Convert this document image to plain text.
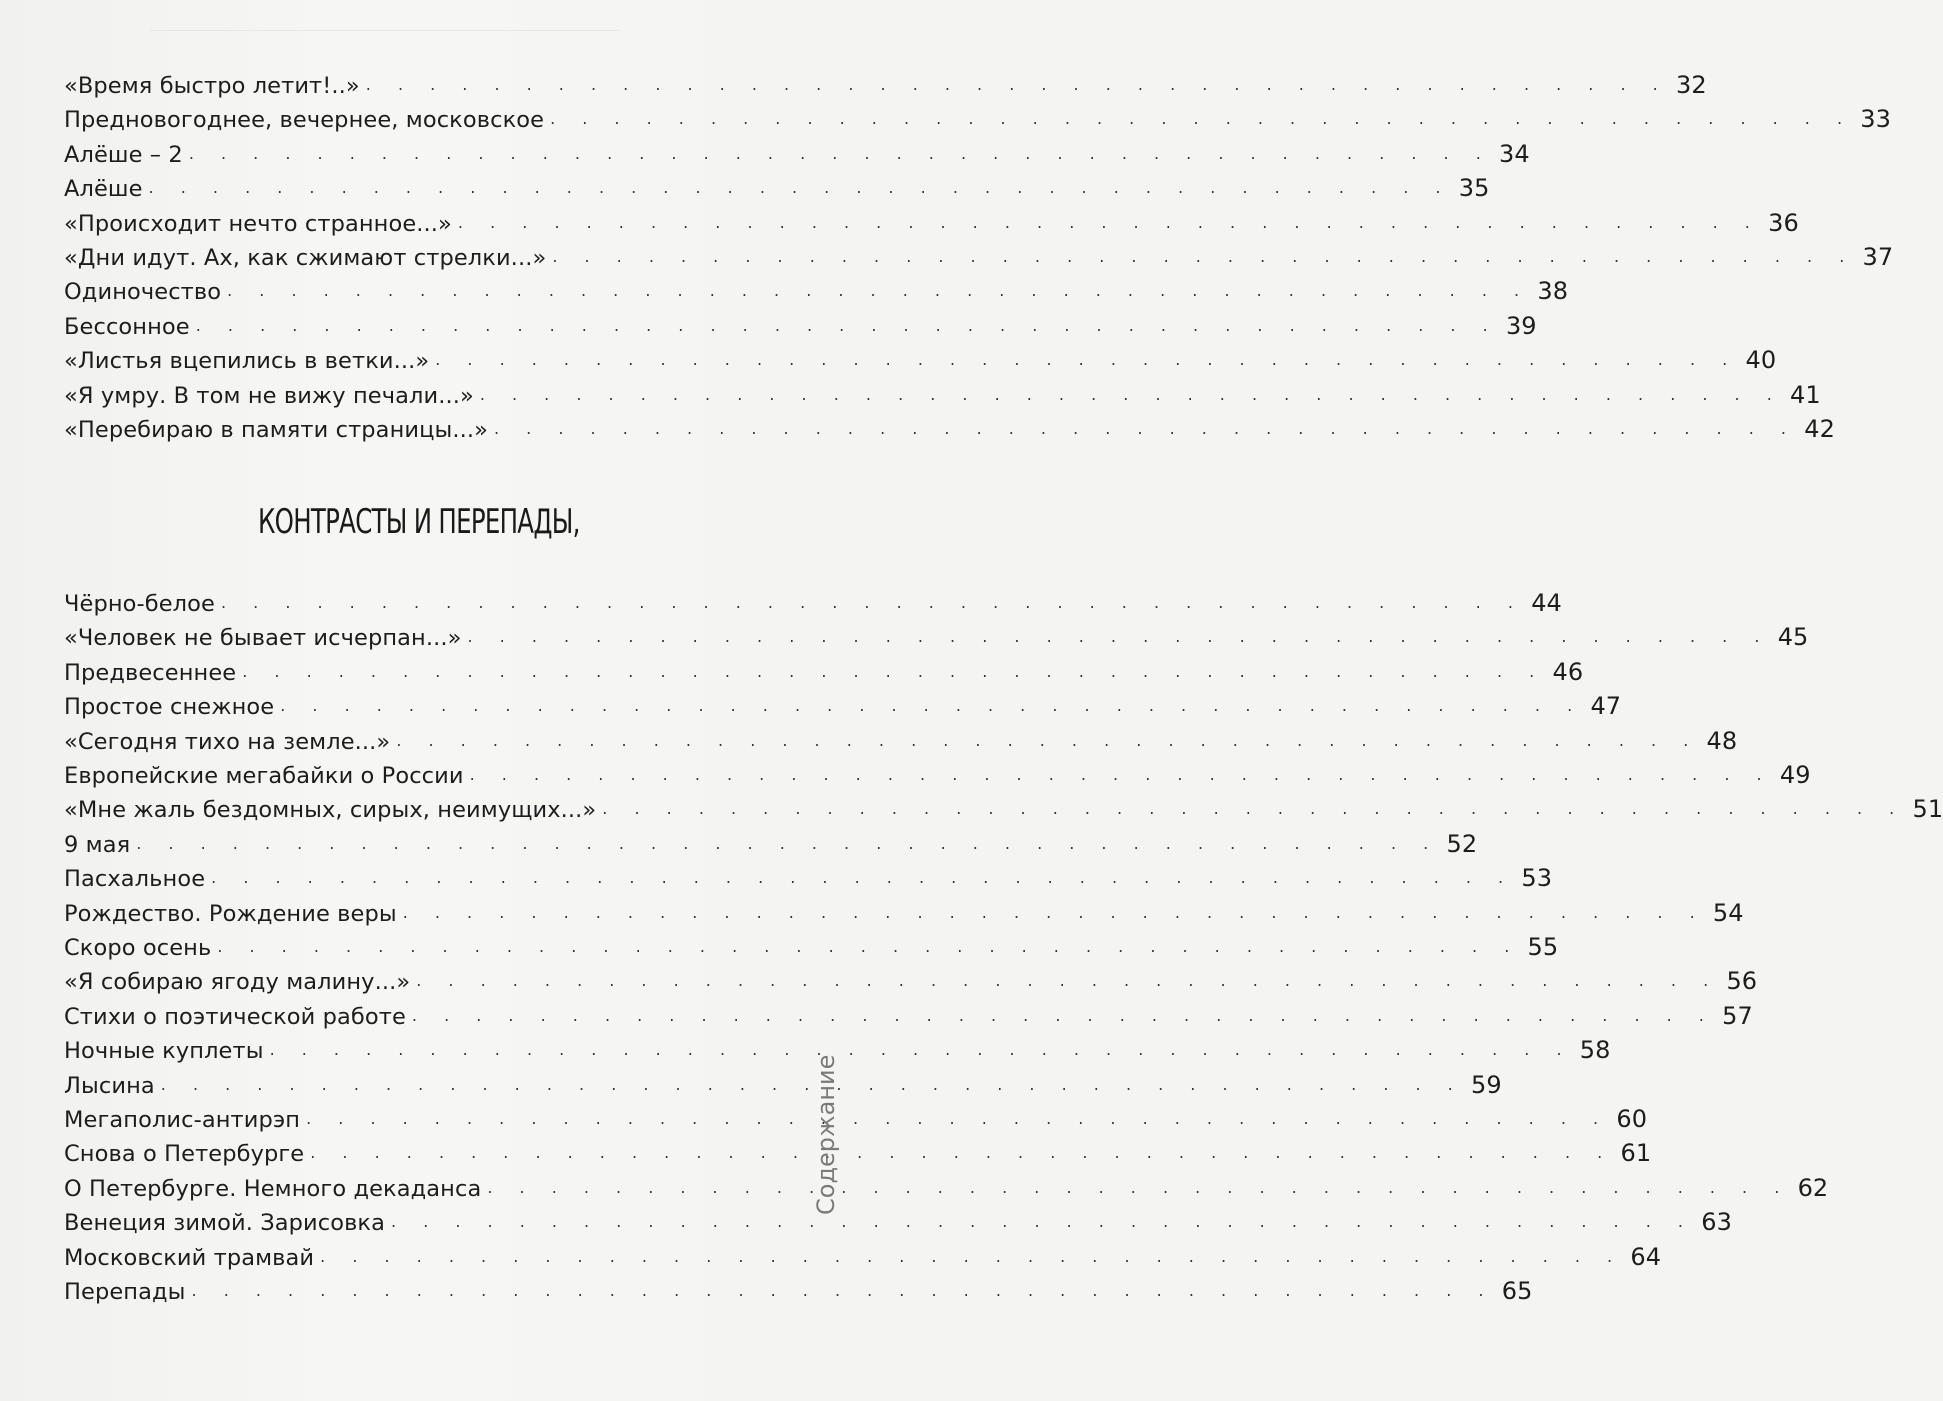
«Время быстро летит!..» . . . . . . . . . . . . . . . . . . . . . . . . . . . . . . . . . . . . . . . . . 32
Предновогоднее, вечернее, московское . . . . . . . . . . . . . . . . . . . . . . . . . . . . . . . . . . . . . . . . . 33
Алёше – 2 . . . . . . . . . . . . . . . . . . . . . . . . . . . . . . . . . . . . . . . . . 34
Алёше . . . . . . . . . . . . . . . . . . . . . . . . . . . . . . . . . . . . . . . . . 35
«Происходит нечто странное...» . . . . . . . . . . . . . . . . . . . . . . . . . . . . . . . . . . . . . . . . . 36
«Дни идут. Ах, как сжимают стрелки...» . . . . . . . . . . . . . . . . . . . . . . . . . . . . . . . . . . . . . . . . . 37
Одиночество . . . . . . . . . . . . . . . . . . . . . . . . . . . . . . . . . . . . . . . . . 38
Бессонное . . . . . . . . . . . . . . . . . . . . . . . . . . . . . . . . . . . . . . . . . 39
«Листья вцепились в ветки...» . . . . . . . . . . . . . . . . . . . . . . . . . . . . . . . . . . . . . . . . . 40
«Я умру. В том не вижу печали...» . . . . . . . . . . . . . . . . . . . . . . . . . . . . . . . . . . . . . . . . . 41
«Перебираю в памяти страницы...» . . . . . . . . . . . . . . . . . . . . . . . . . . . . . . . . . . . . . . . . . 42
КОНТРАСТЫ И ПЕРЕПАДЫ,
Чёрно-белое . . . . . . . . . . . . . . . . . . . . . . . . . . . . . . . . . . . . . . . . . 44
«Человек не бывает исчерпан...» . . . . . . . . . . . . . . . . . . . . . . . . . . . . . . . . . . . . . . . . . 45
Предвесеннее . . . . . . . . . . . . . . . . . . . . . . . . . . . . . . . . . . . . . . . . . 46
Простое снежное . . . . . . . . . . . . . . . . . . . . . . . . . . . . . . . . . . . . . . . . . 47
«Сегодня тихо на земле...» . . . . . . . . . . . . . . . . . . . . . . . . . . . . . . . . . . . . . . . . . 48
Европейские мегабайки о России . . . . . . . . . . . . . . . . . . . . . . . . . . . . . . . . . . . . . . . . . 49
«Мне жаль бездомных, сирых, неимущих...» . . . . . . . . . . . . . . . . . . . . . . . . . . . . . . . . . . . . . . . . . 51
9 мая . . . . . . . . . . . . . . . . . . . . . . . . . . . . . . . . . . . . . . . . . 52
Пасхальное . . . . . . . . . . . . . . . . . . . . . . . . . . . . . . . . . . . . . . . . . 53
Рождество. Рождение веры . . . . . . . . . . . . . . . . . . . . . . . . . . . . . . . . . . . . . . . . . 54
Скоро осень . . . . . . . . . . . . . . . . . . . . . . . . . . . . . . . . . . . . . . . . . 55
«Я собираю ягоду малину...» . . . . . . . . . . . . . . . . . . . . . . . . . . . . . . . . . . . . . . . . . 56
Стихи о поэтической работе . . . . . . . . . . . . . . . . . . . . . . . . . . . . . . . . . . . . . . . . . 57
Ночные куплеты . . . . . . . . . . . . . . . . . . . . . . . . . . . . . . . . . . . . . . . . . 58
Лысина . . . . . . . . . . . . . . . . . . . . . . . . . . . . . . . . . . . . . . . . . 59
Мегаполис-антирэп . . . . . . . . . . . . . . . . . . . . . . . . . . . . . . . . . . . . . . . . . 60
Снова о Петербурге . . . . . . . . . . . . . . . . . . . . . . . . . . . . . . . . . . . . . . . . . 61
О Петербурге. Немного декаданса . . . . . . . . . . . . . . . . . . . . . . . . . . . . . . . . . . . . . . . . . 62
Венеция зимой. Зарисовка . . . . . . . . . . . . . . . . . . . . . . . . . . . . . . . . . . . . . . . . . 63
Московский трамвай . . . . . . . . . . . . . . . . . . . . . . . . . . . . . . . . . . . . . . . . . 64
Перепады . . . . . . . . . . . . . . . . . . . . . . . . . . . . . . . . . . . . . . . . . 65
Содержание
